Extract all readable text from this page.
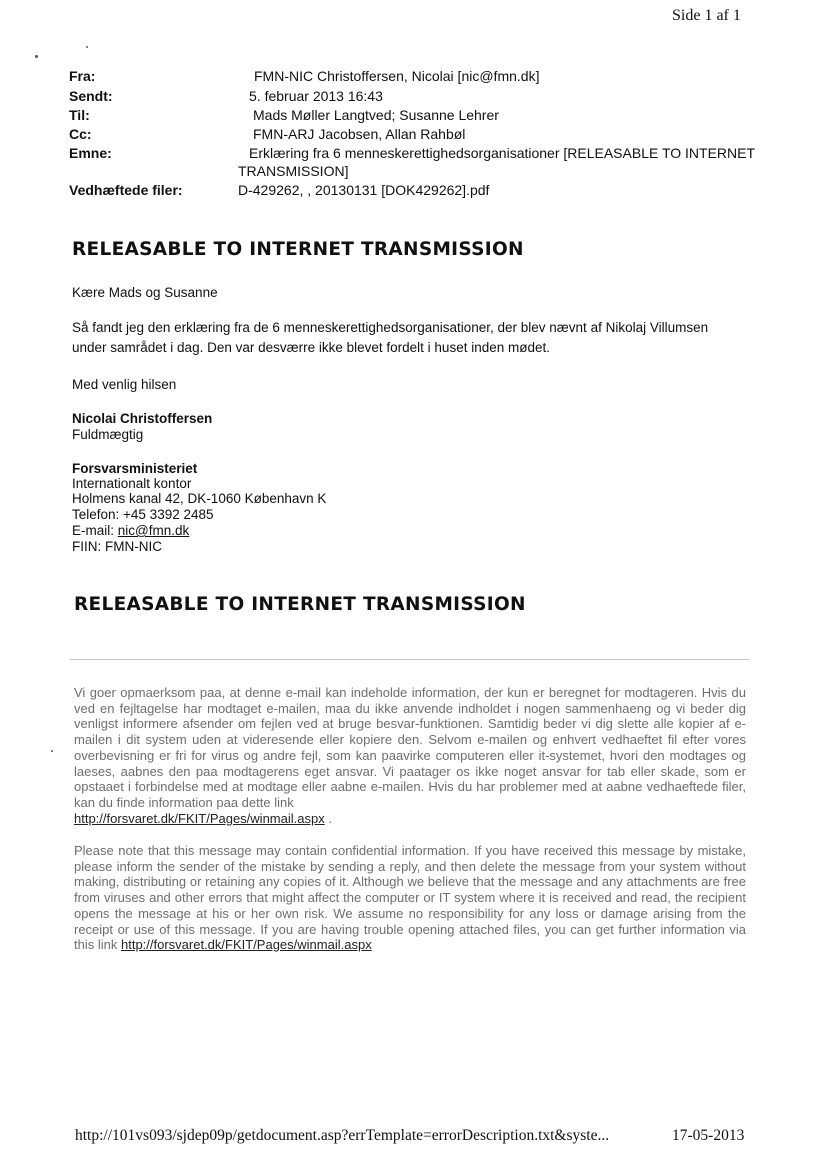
Side 1 af 1
Fra:	FMN-NIC Christoffersen, Nicolai [nic@fmn.dk]
Sendt:	5. februar 2013 16:43
Til:	Mads Møller Langtved; Susanne Lehrer
Cc:	FMN-ARJ Jacobsen, Allan Rahbøl
Emne:	Erklæring fra 6 menneskerettighedsorganisationer [RELEASABLE TO INTERNET
TRANSMISSION]
Vedhæftede filer:	D-429262, , 20130131 [DOK429262].pdf
RELEASABLE TO INTERNET TRANSMISSION
Kære Mads og Susanne
Så fandt jeg den erklæring fra de 6 menneskerettighedsorganisationer, der blev nævnt af Nikolaj Villumsen
under samrådet i dag. Den var desværre ikke blevet fordelt i huset inden mødet.
Med venlig hilsen
Nicolai Christoffersen
Fuldmægtig
Forsvarsministeriet
Internationalt kontor
Holmens kanal 42, DK-1060 København K
Telefon: +45 3392 2485
E-mail: nic@fmn.dk
FIIN: FMN-NIC
RELEASABLE TO INTERNET TRANSMISSION
Vi goer opmaerksom paa, at denne e-mail kan indeholde information, der kun er beregnet for modtageren. Hvis du ved en fejltagelse har modtaget e-mailen, maa du ikke anvende indholdet i nogen sammenhaeng og vi beder dig venligst informere afsender om fejlen ved at bruge besvar-funktionen. Samtidig beder vi dig slette alle kopier af e-mailen i dit system uden at videresende eller kopiere den. Selvom e-mailen og enhvert vedhaeftet fil efter vores overbevisning er fri for virus og andre fejl, som kan paavirke computeren eller it-systemet, hvori den modtages og laeses, aabnes den paa modtagerens eget ansvar. Vi paatager os ikke noget ansvar for tab eller skade, som er opstaaet i forbindelse med at modtage eller aabne e-mailen. Hvis du har problemer med at aabne vedhaeftede filer, kan du finde information paa dette link
http://forsvaret.dk/FKIT/Pages/winmail.aspx .
Please note that this message may contain confidential information. If you have received this message by mistake, please inform the sender of the mistake by sending a reply, and then delete the message from your system without making, distributing or retaining any copies of it. Although we believe that the message and any attachments are free from viruses and other errors that might affect the computer or IT system where it is received and read, the recipient opens the message at his or her own risk. We assume no responsibility for any loss or damage arising from the receipt or use of this message. If you are having trouble opening attached files, you can get further information via this link http://forsvaret.dk/FKIT/Pages/winmail.aspx
http://101vs093/sjdep09p/getdocument.asp?errTemplate=errorDescription.txt&syste...	17-05-2013
